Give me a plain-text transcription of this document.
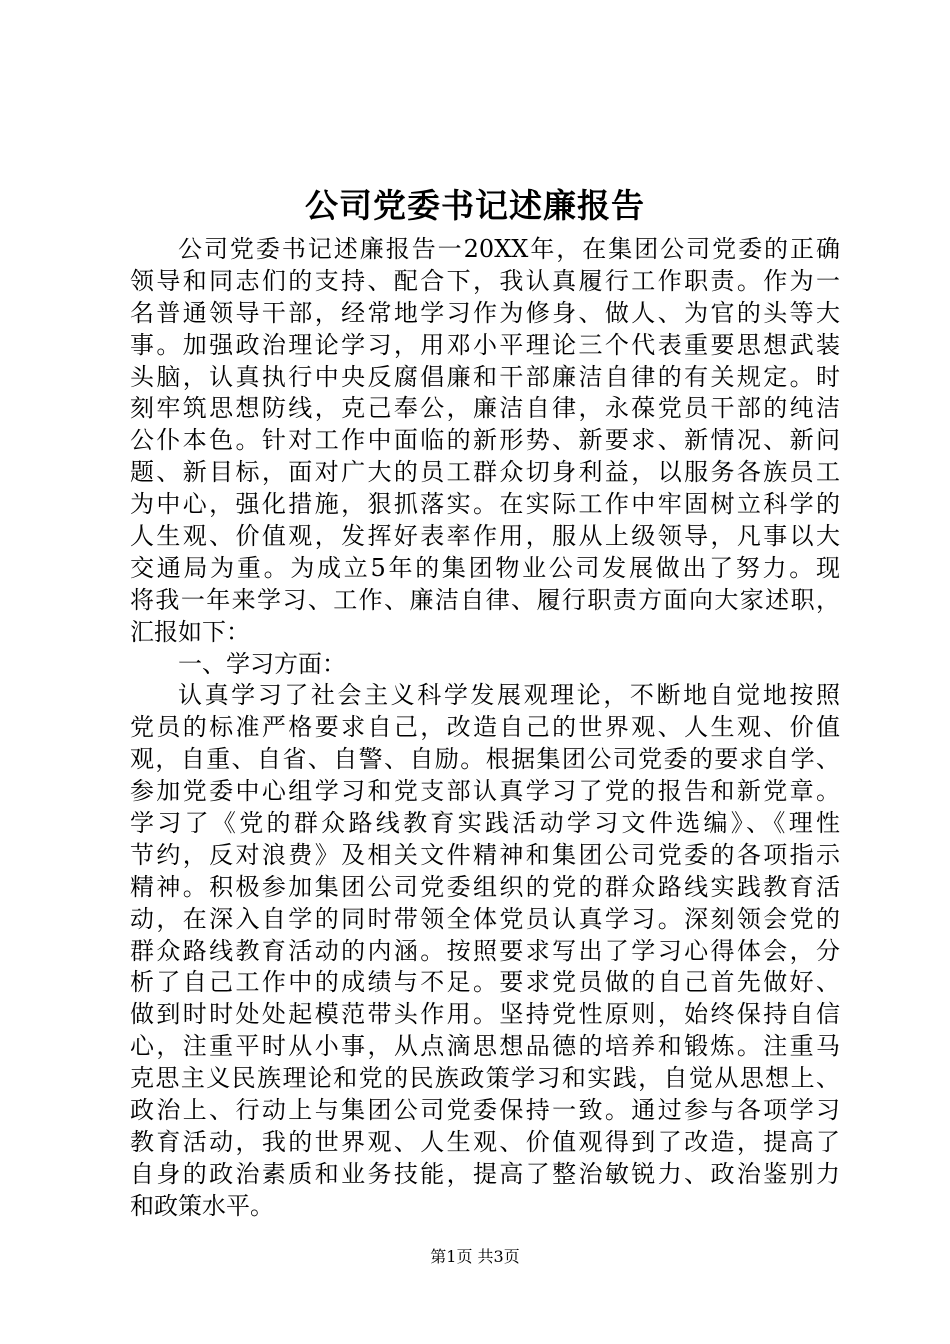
公司党委书记述廉报告
公司党委书记述廉报告一20XX年，在集团公司党委的正确
领导和同志们的支持、配合下，我认真履行工作职责。作为一
名普通领导干部，经常地学习作为修身、做人、为官的头等大
事。加强政治理论学习，用邓小平理论三个代表重要思想武装
头脑，认真执行中央反腐倡廉和干部廉洁自律的有关规定。时
刻牢筑思想防线，克己奉公，廉洁自律，永葆党员干部的纯洁
公仆本色。针对工作中面临的新形势、新要求、新情况、新问
题、新目标，面对广大的员工群众切身利益，以服务各族员工
为中心，强化措施，狠抓落实。在实际工作中牢固树立科学的
人生观、价值观，发挥好表率作用，服从上级领导，凡事以大
交通局为重。为成立5年的集团物业公司发展做出了努力。现
将我一年来学习、工作、廉洁自律、履行职责方面向大家述职，
汇报如下：
一、学习方面：
认真学习了社会主义科学发展观理论，不断地自觉地按照
党员的标准严格要求自己，改造自己的世界观、人生观、价值
观，自重、自省、自警、自励。根据集团公司党委的要求自学、
参加党委中心组学习和党支部认真学习了党的报告和新党章。
学习了《党的群众路线教育实践活动学习文件选编》、《理性
节约，反对浪费》及相关文件精神和集团公司党委的各项指示
精神。积极参加集团公司党委组织的党的群众路线实践教育活
动，在深入自学的同时带领全体党员认真学习。深刻领会党的
群众路线教育活动的内涵。按照要求写出了学习心得体会，分
析了自己工作中的成绩与不足。要求党员做的自己首先做好、
做到时时处处起模范带头作用。坚持党性原则，始终保持自信
心，注重平时从小事，从点滴思想品德的培养和锻炼。注重马
克思主义民族理论和党的民族政策学习和实践，自觉从思想上、
政治上、行动上与集团公司党委保持一致。通过参与各项学习
教育活动，我的世界观、人生观、价值观得到了改造，提高了
自身的政治素质和业务技能，提高了整治敏锐力、政治鉴别力
和政策水平。
第1页 共3页
